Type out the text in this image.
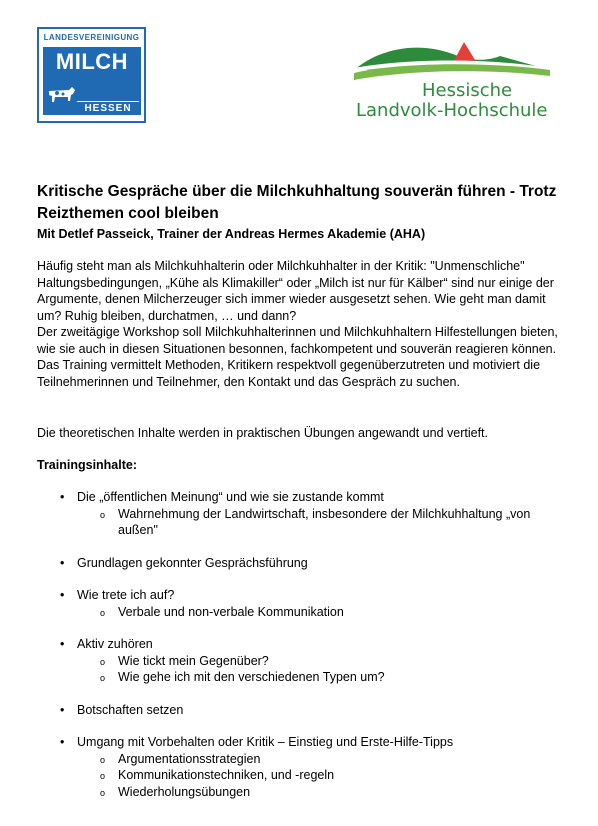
LANDESVEREINIGUNG
MILCH
HESSEN
Hessische
Landvolk-Hochschule
Kritische Gespräche über die Milchkuhhaltung souverän führen - Trotz Reizthemen cool bleiben
Mit Detlef Passeick, Trainer der Andreas Hermes Akademie (AHA)

Häufig steht man als Milchkuhhalterin oder Milchkuhhalter in der Kritik: "Unmenschliche" Haltungsbedingungen, „Kühe als Klimakiller“ oder „Milch ist nur für Kälber“ sind nur einige der Argumente, denen Milcherzeuger sich immer wieder ausgesetzt sehen. Wie geht man damit um? Ruhig bleiben, durchatmen, … und dann?

Der zweitägige Workshop soll Milchkuhhalterinnen und Milchkuhhaltern Hilfestellungen bieten, wie sie auch in diesen Situationen besonnen, fachkompetent und souverän reagieren können.

Das Training vermittelt Methoden, Kritikern respektvoll gegenüberzutreten und motiviert die Teilnehmerinnen und Teilnehmer, den Kontakt und das Gespräch zu suchen.

Die theoretischen Inhalte werden in praktischen Übungen angewandt und vertieft.
Trainingsinhalte:
• Die „öffentlichen Meinung“ und wie sie zustande kommt
o Wahrnehmung der Landwirtschaft, insbesondere der Milchkuhhaltung „von außen"
• Grundlagen gekonnter Gesprächsführung
• Wie trete ich auf?
o Verbale und non-verbale Kommunikation
• Aktiv zuhören
o Wie tickt mein Gegenüber?
o Wie gehe ich mit den verschiedenen Typen um?
• Botschaften setzen
• Umgang mit Vorbehalten oder Kritik – Einstieg und Erste-Hilfe-Tipps
o Argumentationsstrategien
o Kommunikationstechniken, und -regeln
o Wiederholungsübungen
